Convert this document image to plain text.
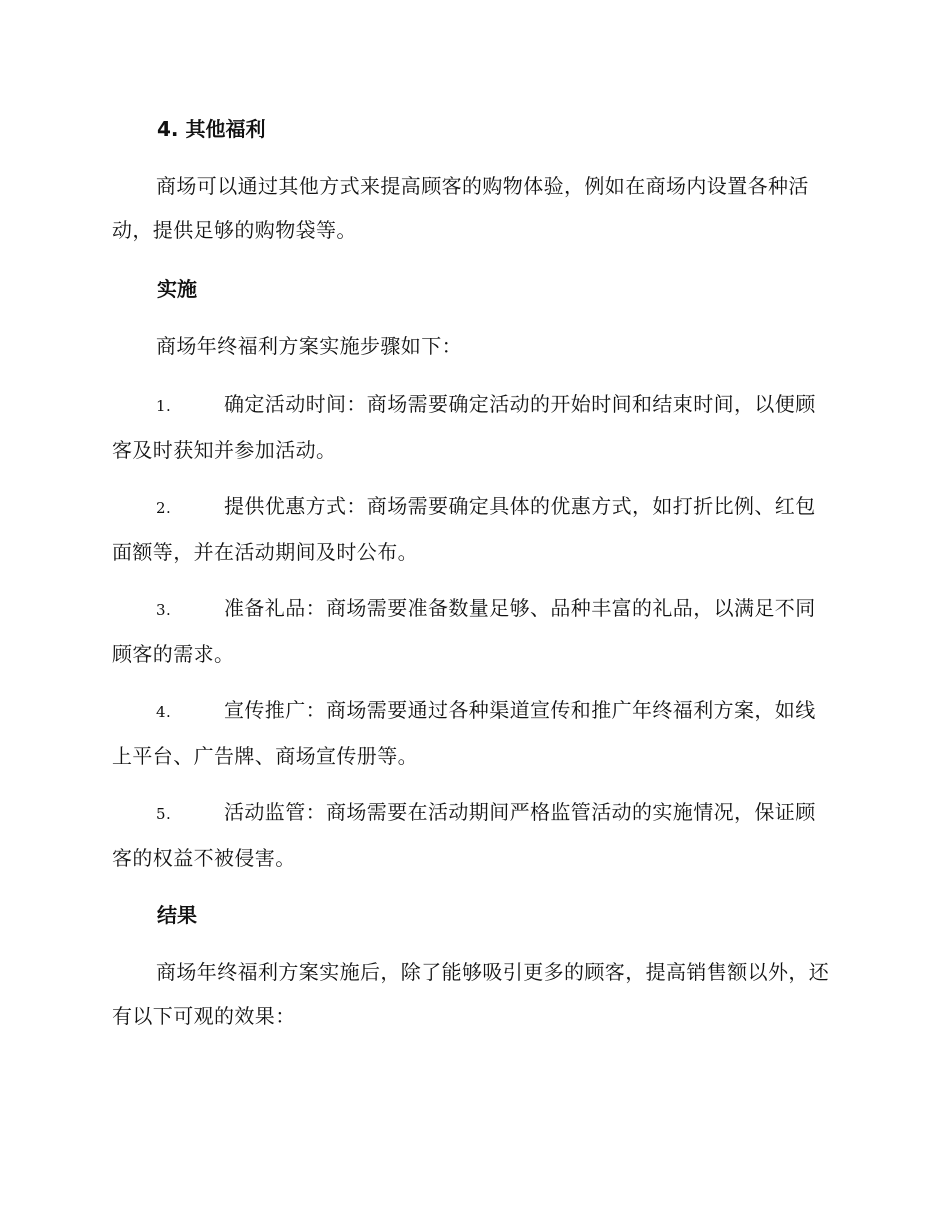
4. 其他福利

商场可以通过其他方式来提高顾客的购物体验，例如在商场内设置各种活动，提供足够的购物袋等。

实施

商场年终福利方案实施步骤如下：

1.	确定活动时间：商场需要确定活动的开始时间和结束时间，以便顾客及时获知并参加活动。

2.	提供优惠方式：商场需要确定具体的优惠方式，如打折比例、红包面额等，并在活动期间及时公布。

3.	准备礼品：商场需要准备数量足够、品种丰富的礼品，以满足不同顾客的需求。

4.	宣传推广：商场需要通过各种渠道宣传和推广年终福利方案，如线上平台、广告牌、商场宣传册等。

5.	活动监管：商场需要在活动期间严格监管活动的实施情况，保证顾客的权益不被侵害。

结果

商场年终福利方案实施后，除了能够吸引更多的顾客，提高销售额以外，还有以下可观的效果：
